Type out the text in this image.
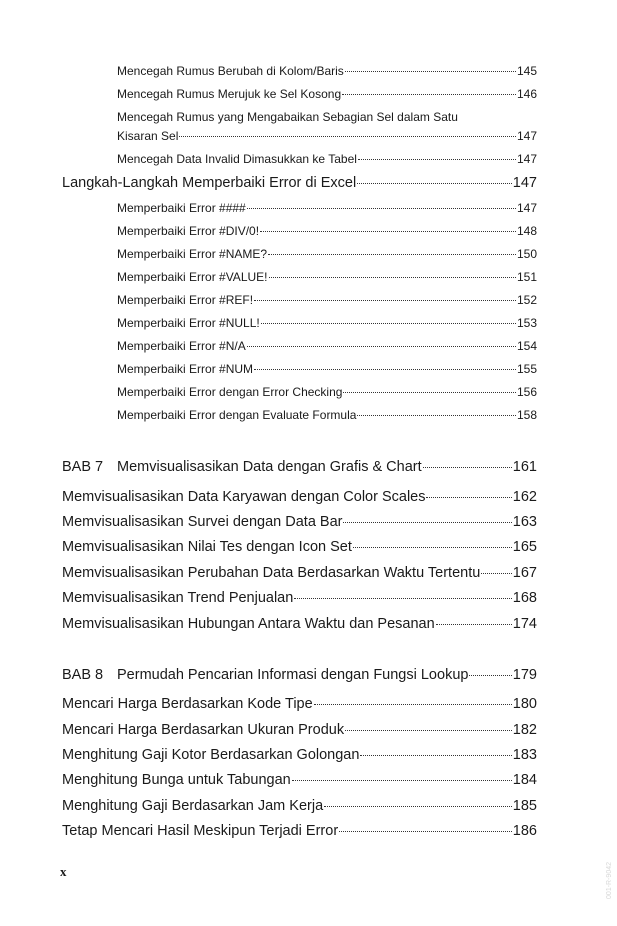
Mencegah Rumus Berubah di Kolom/Baris	145
Mencegah Rumus Merujuk ke Sel Kosong	146
Mencegah Rumus yang Mengabaikan Sebagian Sel dalam Satu
Kisaran Sel	147
Mencegah Data Invalid Dimasukkan ke Tabel	147
Langkah-Langkah Memperbaiki Error di Excel	147
Memperbaiki Error ####	147
Memperbaiki Error #DIV/0!	148
Memperbaiki Error #NAME?	150
Memperbaiki Error #VALUE!	151
Memperbaiki Error #REF!	152
Memperbaiki Error #NULL!	153
Memperbaiki Error #N/A	154
Memperbaiki Error #NUM	155
Memperbaiki Error dengan Error Checking	156
Memperbaiki Error dengan Evaluate Formula	158
BAB 7 Memvisualisasikan Data dengan Grafis & Chart	161
Memvisualisasikan Data Karyawan dengan Color Scales	162
Memvisualisasikan Survei dengan Data Bar	163
Memvisualisasikan Nilai Tes dengan Icon Set	165
Memvisualisasikan Perubahan Data Berdasarkan Waktu Tertentu 167
Memvisualisasikan Trend Penjualan	168
Memvisualisasikan Hubungan Antara Waktu dan Pesanan	174
BAB 8 Permudah Pencarian Informasi dengan Fungsi Lookup	179
Mencari Harga Berdasarkan Kode Tipe	180
Mencari Harga Berdasarkan Ukuran Produk	182
Menghitung Gaji Kotor Berdasarkan Golongan	183
Menghitung Bunga untuk Tabungan	184
Menghitung Gaji Berdasarkan Jam Kerja	185
Tetap Mencari Hasil Meskipun Terjadi Error	186
x	001-R-9042
